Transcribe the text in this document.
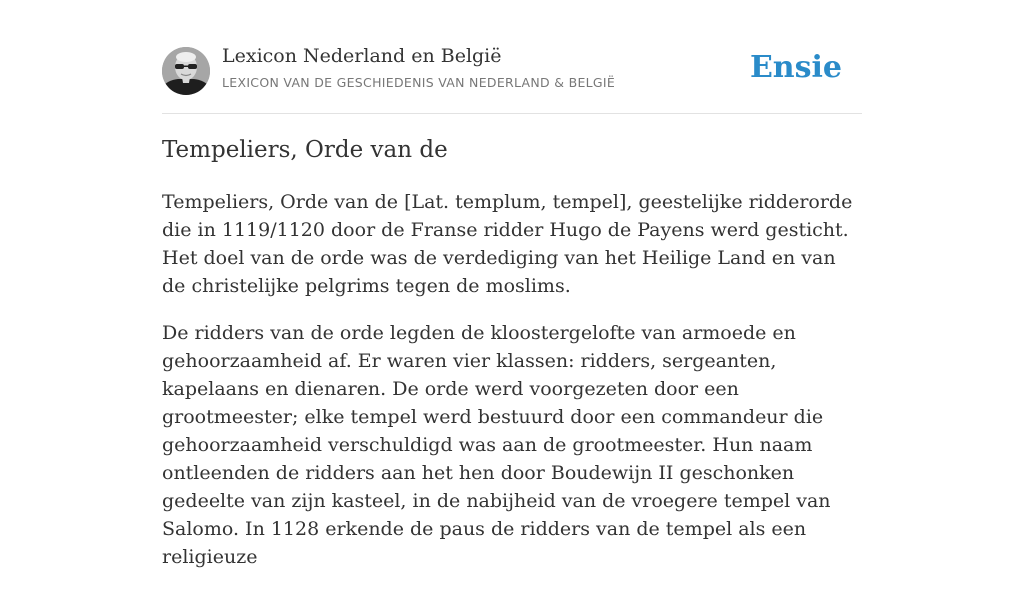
Lexicon Nederland en België
LEXICON VAN DE GESCHIEDENIS VAN NEDERLAND & BELGIË	Ensie
Tempeliers, Orde van de

Tempeliers, Orde van de [Lat. templum, tempel], geestelijke ridderorde die in 1119/1120 door de Franse ridder Hugo de Payens werd gesticht. Het doel van de orde was de verdediging van het Heilige Land en van de christelijke pelgrims tegen de moslims.

De ridders van de orde legden de kloostergelofte van armoede en gehoorzaamheid af. Er waren vier klassen: ridders, sergeanten, kapelaans en dienaren. De orde werd voorgezeten door een grootmeester; elke tempel werd bestuurd door een commandeur die gehoorzaamheid verschuldigd was aan de grootmeester. Hun naam ontleenden de ridders aan het hen door Boudewijn II geschonken gedeelte van zijn kasteel, in de nabijheid van de vroegere tempel van Salomo. In 1128 erkende de paus de ridders van de tempel als een religieuze
